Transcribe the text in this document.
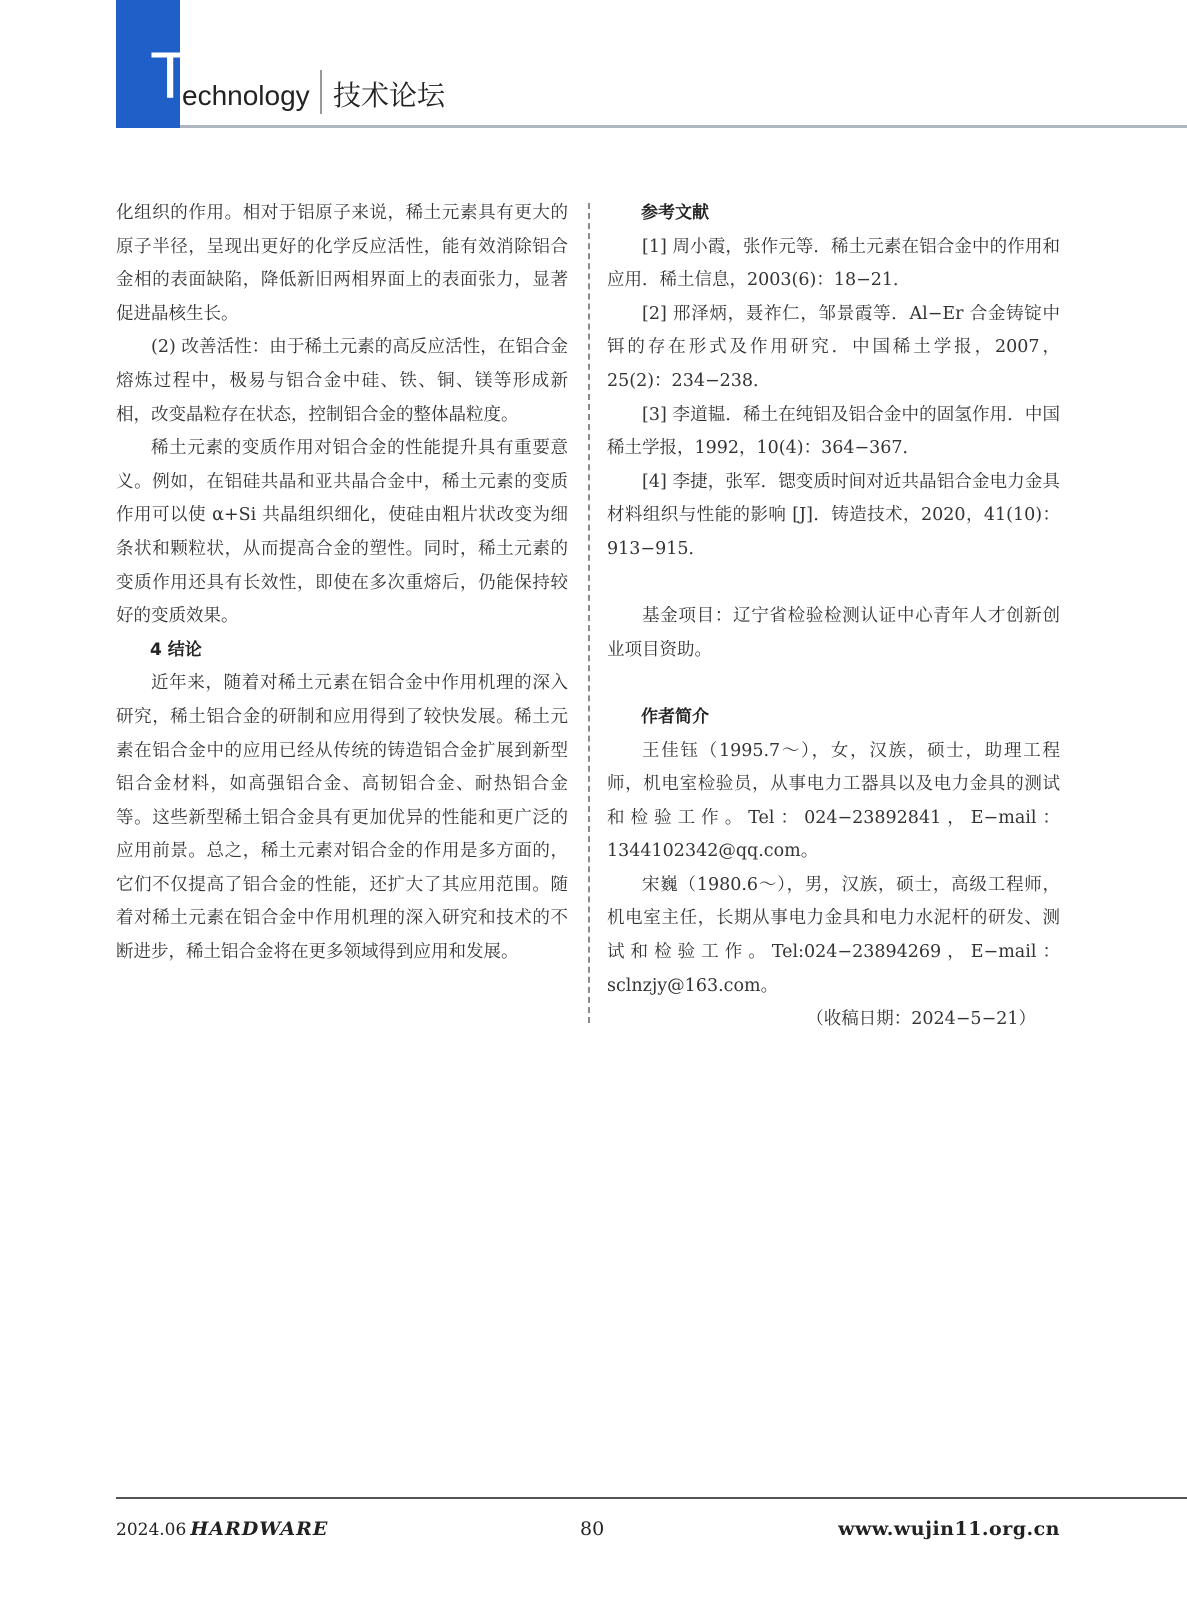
T
echnology 技术论坛

化组织的作用。相对于铝原子来说，稀土元素具有更大的原子半径，呈现出更好的化学反应活性，能有效消除铝合金相的表面缺陷，降低新旧两相界面上的表面张力，显著促进晶核生长。

(2) 改善活性：由于稀土元素的高反应活性，在铝合金熔炼过程中，极易与铝合金中硅、铁、铜、镁等形成新相，改变晶粒存在状态，控制铝合金的整体晶粒度。

稀土元素的变质作用对铝合金的性能提升具有重要意义。例如，在铝硅共晶和亚共晶合金中，稀土元素的变质作用可以使 α+Si 共晶组织细化，使硅由粗片状改变为细条状和颗粒状，从而提高合金的塑性。同时，稀土元素的变质作用还具有长效性，即使在多次重熔后，仍能保持较好的变质效果。

4 结论

近年来，随着对稀土元素在铝合金中作用机理的深入研究，稀土铝合金的研制和应用得到了较快发展。稀土元素在铝合金中的应用已经从传统的铸造铝合金扩展到新型铝合金材料，如高强铝合金、高韧铝合金、耐热铝合金等。这些新型稀土铝合金具有更加优异的性能和更广泛的应用前景。总之，稀土元素对铝合金的作用是多方面的，它们不仅提高了铝合金的性能，还扩大了其应用范围。随着对稀土元素在铝合金中作用机理的深入研究和技术的不断进步，稀土铝合金将在更多领域得到应用和发展。

参考文献

[1] 周小霞，张作元等．稀土元素在铝合金中的作用和应用．稀土信息，2003(6)：18−21．

[2] 邢泽炳，聂祚仁，邹景霞等．Al−Er 合金铸锭中铒的存在形式及作用研究．中国稀土学报，2007，25(2)：234−238．

[3] 李道韫．稀土在纯铝及铝合金中的固氢作用．中国稀土学报，1992，10(4)：364−367．

[4] 李捷，张军．锶变质时间对近共晶铝合金电力金具材料组织与性能的影响 [J]．铸造技术，2020，41(10)：913−915．

基金项目：辽宁省检验检测认证中心青年人才创新创业项目资助。

作者简介

王佳钰（1995.7～），女，汉族，硕士，助理工程师，机电室检验员，从事电力工器具以及电力金具的测试和检验工作。Tel：024−23892841，E−mail：1344102342@qq.com。

宋巍（1980.6～），男，汉族，硕士，高级工程师，机电室主任，长期从事电力金具和电力水泥杆的研发、测试和检验工作。Tel:024−23894269，E−mail：sclnzjy@163.com。

（收稿日期：2024−5−21）
2024.06 HARDWARE	80	www.wujin11.org.cn
